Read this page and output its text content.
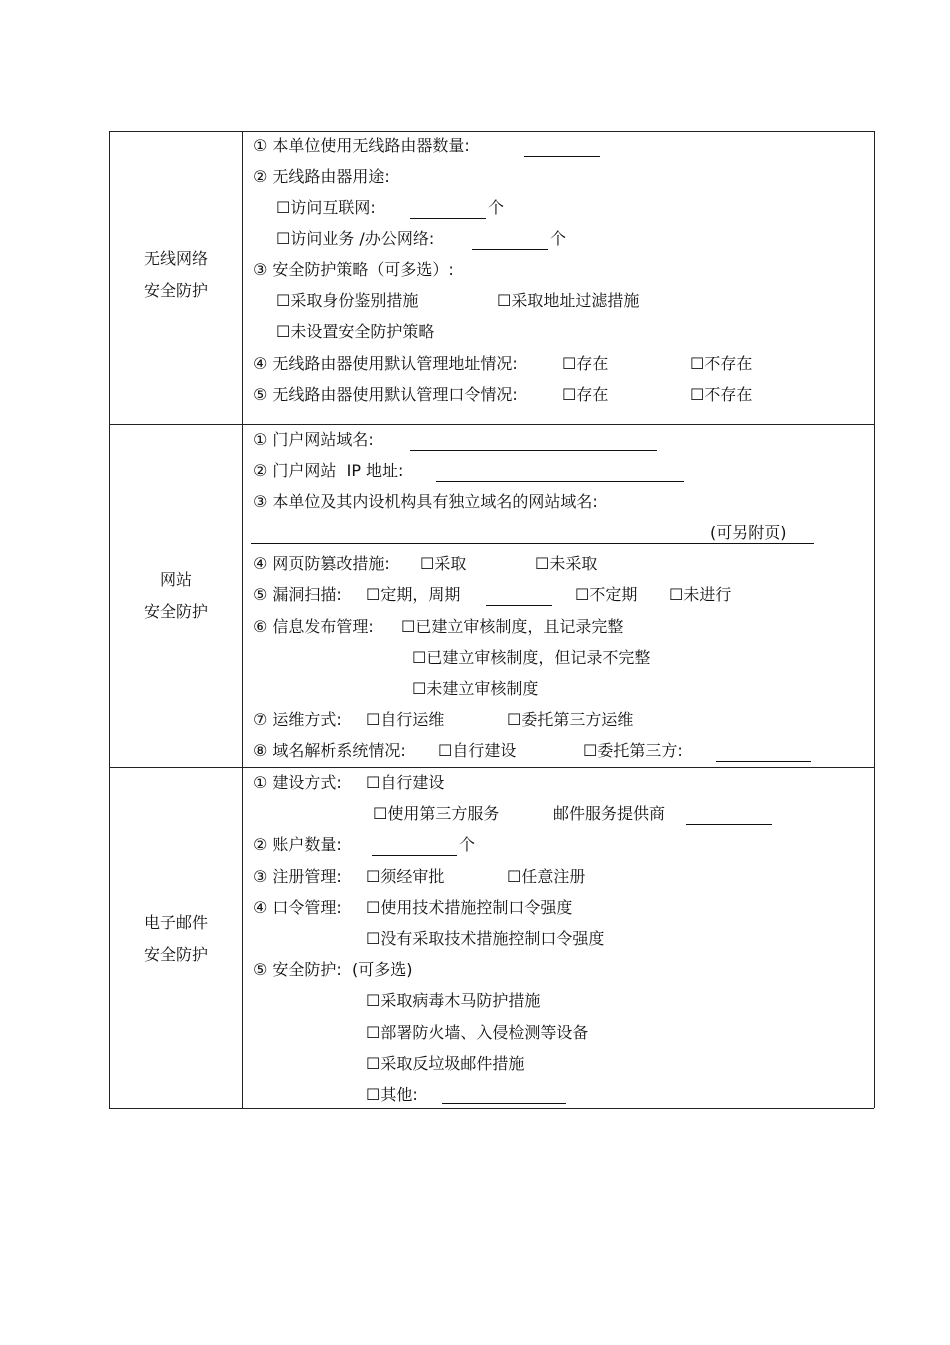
无线网络
安全防护
① 本单位使用无线路由器数量:
② 无线路由器用途:
☐访问互联网:	个
☐访问业务 /办公网络:	个
③ 安全防护策略（可多选）:
☐采取身份鉴别措施	☐采取地址过滤措施
☐未设置安全防护策略
④ 无线路由器使用默认管理地址情况:	☐存在	☐不存在
⑤ 无线路由器使用默认管理口令情况:	☐存在	☐不存在
网站
安全防护
① 门户网站域名:
② 门户网站  IP 地址:
③ 本单位及其内设机构具有独立域名的网站域名:
(可另附页)
④ 网页防篡改措施: ☐采取	☐未采取
⑤ 漏洞扫描: ☐定期，周期	☐不定期 ☐未进行
⑥ 信息发布管理: ☐已建立审核制度，且记录完整
☐已建立审核制度，但记录不完整
☐未建立审核制度
⑦ 运维方式: ☐自行运维	☐委托第三方运维
⑧ 域名解析系统情况: ☐自行建设	☐委托第三方:
电子邮件
安全防护
① 建设方式: ☐自行建设
☐使用第三方服务	邮件服务提供商
② 账户数量:	个
③ 注册管理: ☐须经审批	☐任意注册
④ 口令管理: ☐使用技术措施控制口令强度
☐没有采取技术措施控制口令强度
⑤ 安全防护:  (可多选)
☐采取病毒木马防护措施
☐部署防火墙、入侵检测等设备
☐采取反垃圾邮件措施
☐其他:
